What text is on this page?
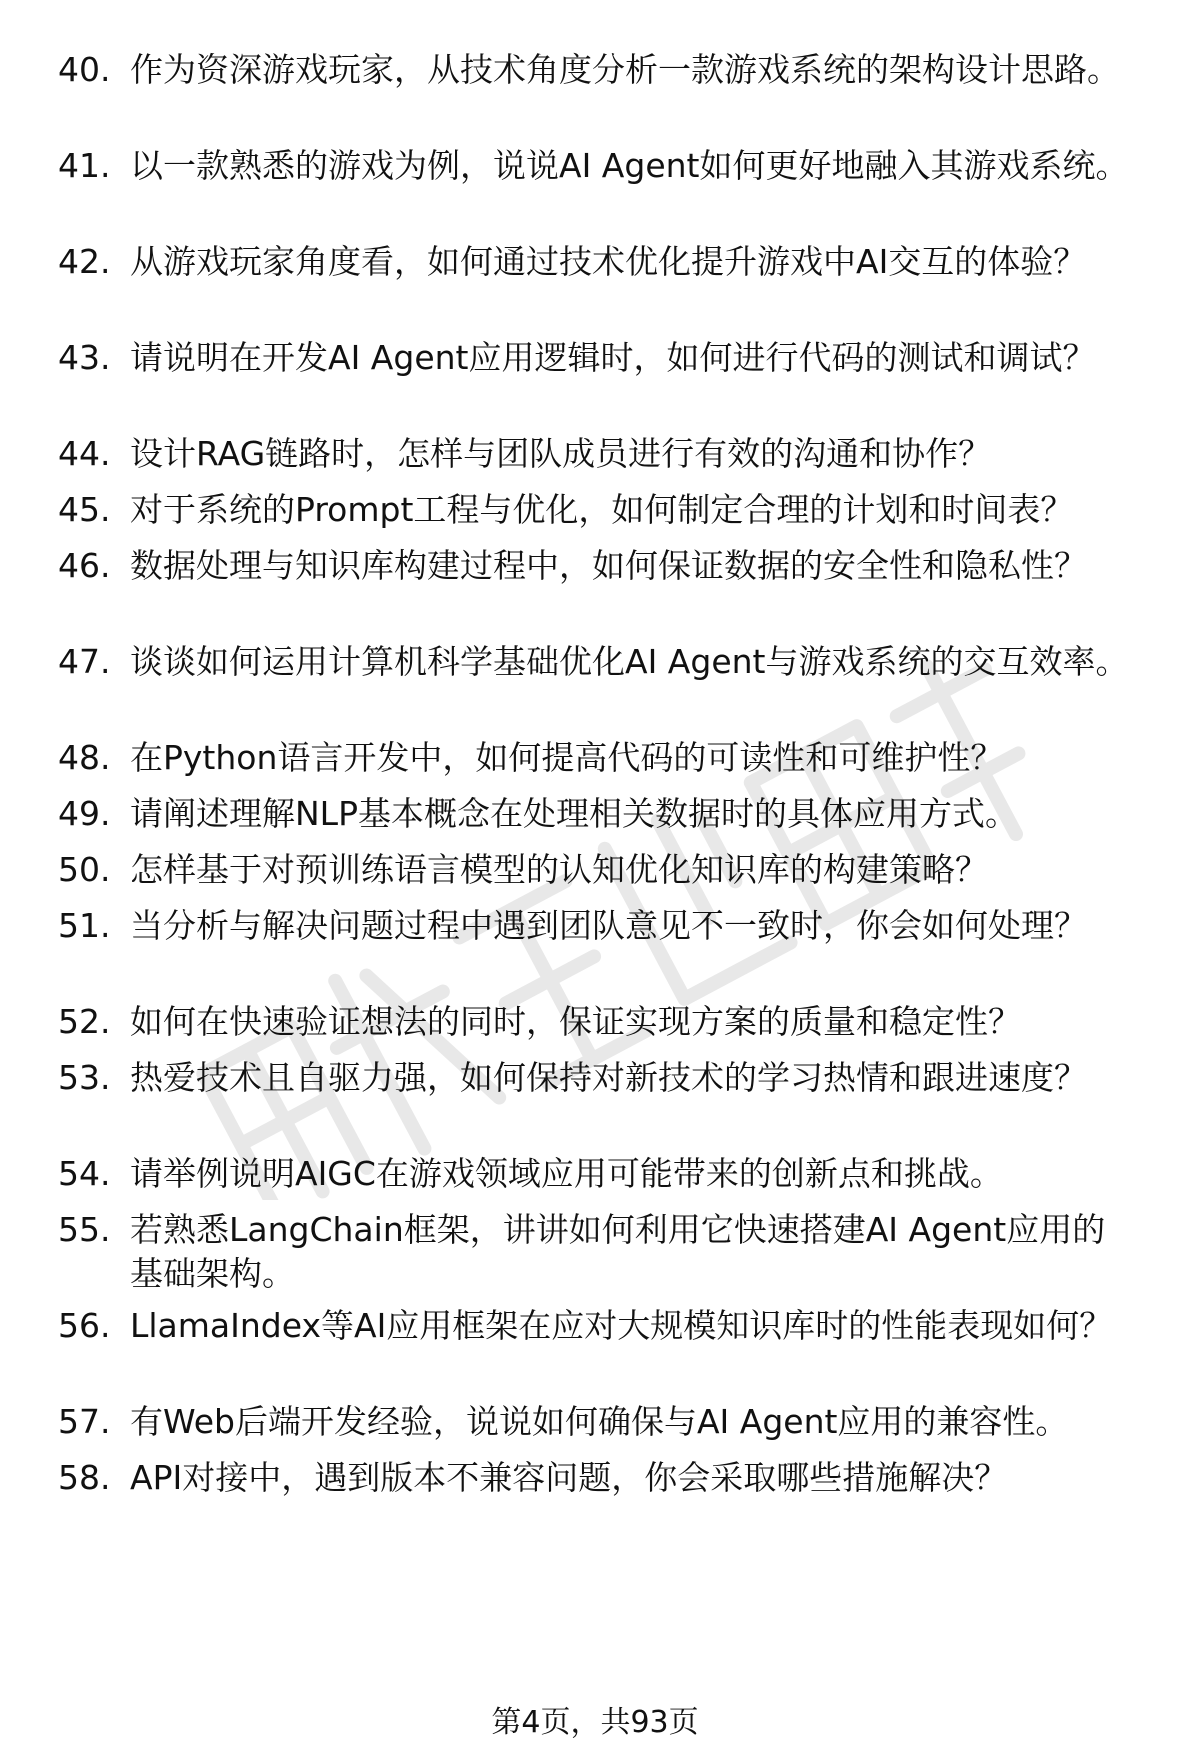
40. 作为资深游戏玩家，从技术角度分析一款游戏系统的架构设计思路。
41. 以一款熟悉的游戏为例，说说AI Agent如何更好地融入其游戏系统。
42. 从游戏玩家角度看，如何通过技术优化提升游戏中AI交互的体验？
43. 请说明在开发AI Agent应用逻辑时，如何进行代码的测试和调试？
44. 设计RAG链路时，怎样与团队成员进行有效的沟通和协作？
45. 对于系统的Prompt工程与优化，如何制定合理的计划和时间表？
46. 数据处理与知识库构建过程中，如何保证数据的安全性和隐私性？
47. 谈谈如何运用计算机科学基础优化AI Agent与游戏系统的交互效率。
48. 在Python语言开发中，如何提高代码的可读性和可维护性？
49. 请阐述理解NLP基本概念在处理相关数据时的具体应用方式。
50. 怎样基于对预训练语言模型的认知优化知识库的构建策略？
51. 当分析与解决问题过程中遇到团队意见不一致时，你会如何处理？
52. 如何在快速验证想法的同时，保证实现方案的质量和稳定性？
53. 热爱技术且自驱力强，如何保持对新技术的学习热情和跟进速度？
54. 请举例说明AIGC在游戏领域应用可能带来的创新点和挑战。
55. 若熟悉LangChain框架，讲讲如何利用它快速搭建AI Agent应用的基础架构。
56. LlamaIndex等AI应用框架在应对大规模知识库时的性能表现如何？
57. 有Web后端开发经验，说说如何确保与AI Agent应用的兼容性。
58. API对接中，遇到版本不兼容问题，你会采取哪些措施解决？
第4页，共93页
